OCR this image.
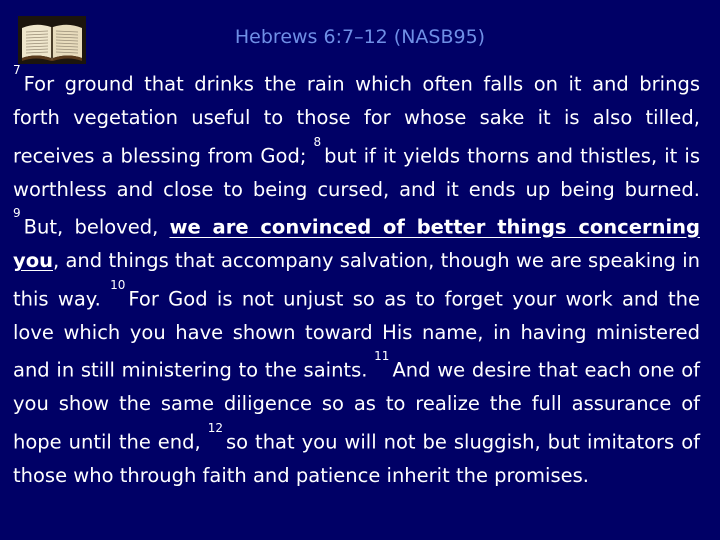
Hebrews 6:7–12 (NASB95)
$^7$For ground that drinks the rain which often falls on it and brings forth vegetation useful to those for whose sake it is also tilled, receives a blessing from God; $^8$but if it yields thorns and thistles, it is worthless and close to being cursed, and it ends up being burned. $^9$But, beloved, we are convinced of better things concerning you, and things that accompany salvation, though we are speaking in this way. $^{10}$For God is not unjust so as to forget your work and the love which you have shown toward His name, in having ministered and in still ministering to the saints. $^{11}$And we desire that each one of you show the same diligence so as to realize the full assurance of hope until the end, $^{12}$so that you will not be sluggish, but imitators of those who through faith and patience inherit the promises.
